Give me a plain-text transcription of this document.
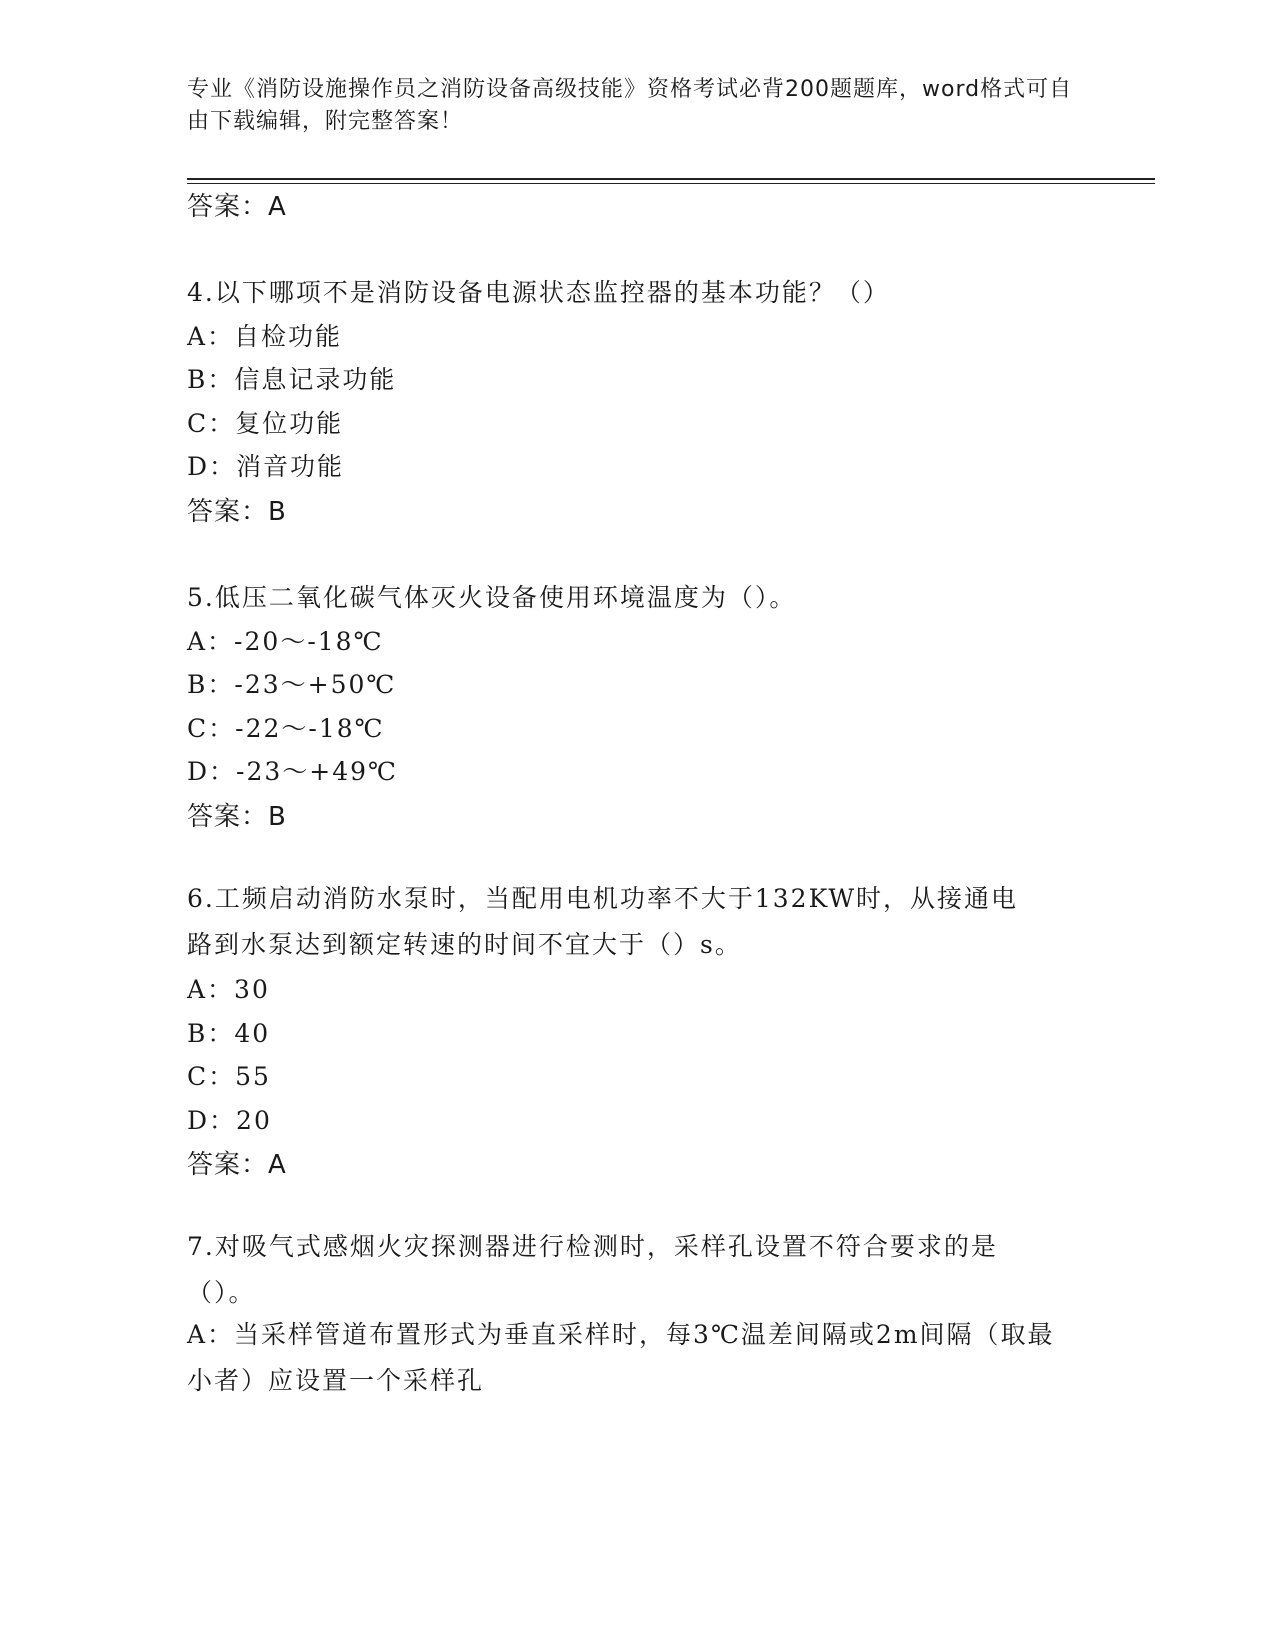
专业《消防设施操作员之消防设备高级技能》资格考试必背200题题库，word格式可自由下载编辑，附完整答案！
答案：A
4.以下哪项不是消防设备电源状态监控器的基本功能？（）
A：自检功能
B：信息记录功能
C：复位功能
D：消音功能
答案：B
5.低压二氧化碳气体灭火设备使用环境温度为（）。
A：-20～-18℃
B：-23～+50℃
C：-22～-18℃
D：-23～+49℃
答案：B
6.工频启动消防水泵时，当配用电机功率不大于132KW时，从接通电路到水泵达到额定转速的时间不宜大于（）s。
A：30
B：40
C：55
D：20
答案：A
7.对吸气式感烟火灾探测器进行检测时，采样孔设置不符合要求的是（）。
A：当采样管道布置形式为垂直采样时，每3℃温差间隔或2m间隔（取最小者）应设置一个采样孔
